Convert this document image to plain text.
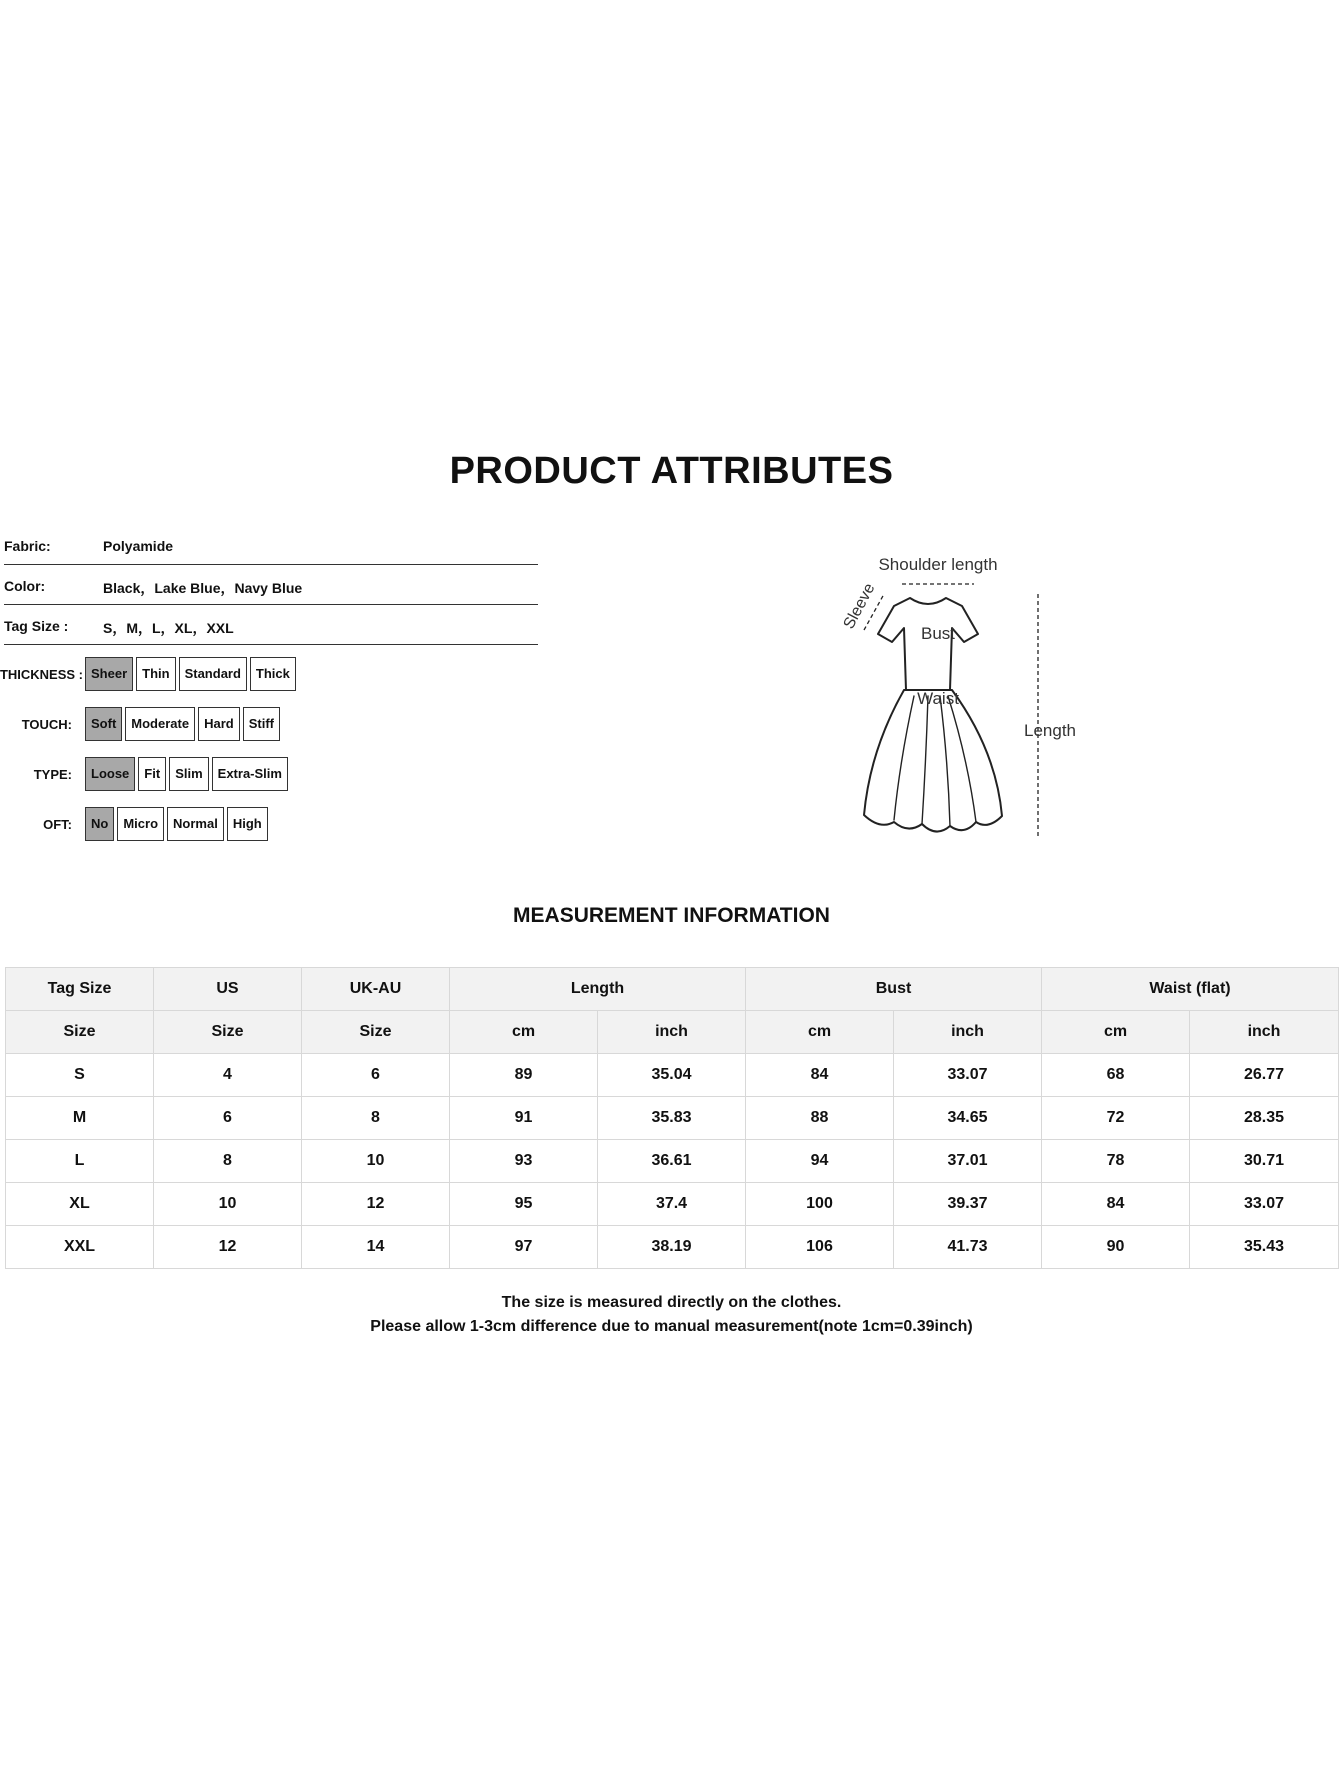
PRODUCT ATTRIBUTES
Fabric:	Polyamide
Color:	Black，Lake Blue，Navy Blue
Tag Size : S，M，L，XL，XXL
THICKNESS : Sheer	Thin	Standard	Thick
TOUCH:	Soft	Moderate	Hard	Stiff
TYPE:	Loose	Fit	Slim	Extra-Slim
OFT:	No	Micro	Normal	High
Shoulder length
Sleeve
Bust
Waist
Length
MEASUREMENT INFORMATION
Tag Size	US	UK-AU	Length		Bust		Waist (flat)	
Size	Size	Size	cm	inch	cm	inch	cm	inch
S	4	6	89	35.04	84	33.07	68	26.77
M	6	8	91	35.83	88	34.65	72	28.35
L	8	10	93	36.61	94	37.01	78	30.71
XL	10	12	95	37.4	100	39.37	84	33.07
XXL	12	14	97	38.19	106	41.73	90	35.43
The size is measured directly on the clothes.
Please allow 1-3cm difference due to manual measurement(note 1cm=0.39inch)
